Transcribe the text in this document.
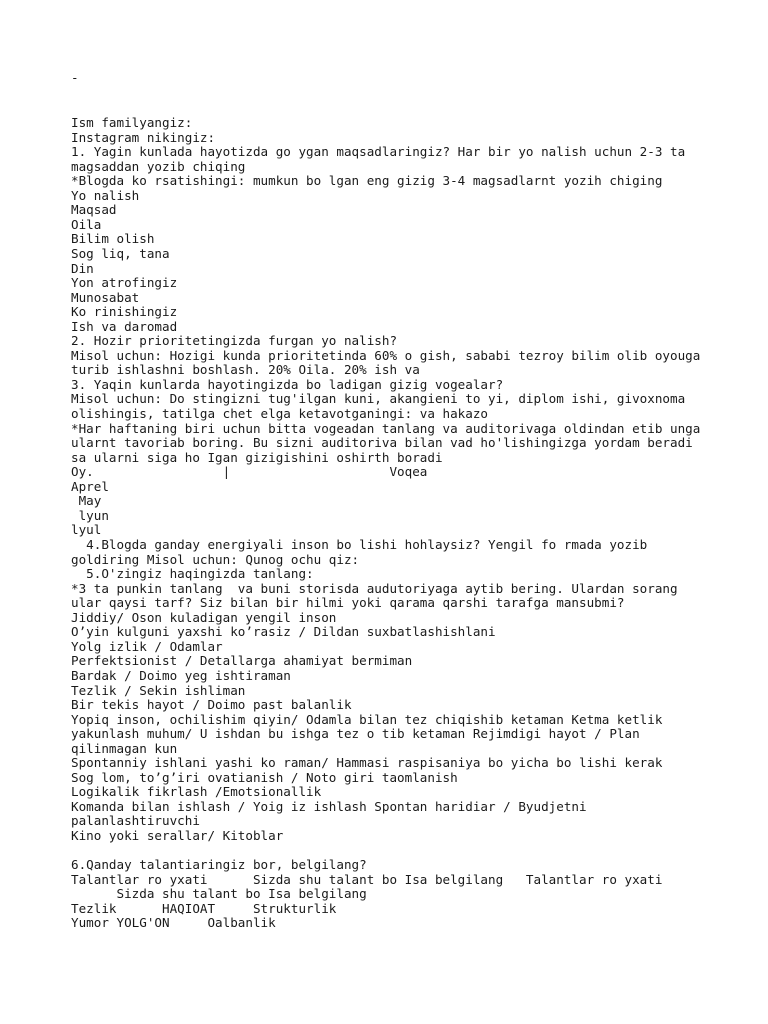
-
Ism familyangiz:
Instagram nikingiz:
1. Yagin kunlada hayotizda go ygan maqsadlaringiz? Har bir yo nalish uchun 2-3 ta
magsaddan yozib chiqing
*Blogda ko rsatishingi: mumkun bo lgan eng gizig 3-4 magsadlarnt yozih chiging
Yo nalish
Maqsad
Oila
Bilim olish
Sog liq, tana
Din
Yon atrofingiz
Munosabat
Ko rinishingiz
Ish va daromad
2. Hozir prioritetingizda furgan yo nalish?
Misol uchun: Hozigi kunda prioritetinda 60% o gish, sababi tezroy bilim olib oyouga
turib ishlashni boshlash. 20% Oila. 20% ish va
3. Yaqin kunlarda hayotingizda bo ladigan gizig vogealar?
Misol uchun: Do stingizni tug'ilgan kuni, akangieni to yi, diplom ishi, givoxnoma
olishingis, tatilga chet elga ketavotganingi: va hakazo
*Har haftaning biri uchun bitta vogeadan tanlang va auditorivaga oldindan etib unga
ularnt tavoriab boring. Bu sizni auditoriva bilan vad ho'lishingizga yordam beradi
sa ularni siga ho Igan gizigishini oshirth boradi
Oy.                 |                     Voqea
Aprel
May
lyun
lyul
4.Blogda ganday energiyali inson bo lishi hohlaysiz? Yengil fo rmada yozib
goldiring Misol uchun: Qunog ochu qiz:
5.O'zingiz haqingizda tanlang:
*3 ta punkin tanlang  va buni storisda audutoriyaga aytib bering. Ulardan sorang
ular qaysi tarf? Siz bilan bir hilmi yoki qarama qarshi tarafga mansubmi?
Jiddiy/ Oson kuladigan yengil inson
O’yin kulguni yaxshi ko’rasiz / Dildan suxbatlashishlani
Yolg izlik / Odamlar
Perfektsionist / Detallarga ahamiyat bermiman
Bardak / Doimo yeg ishtiraman
Tezlik / Sekin ishliman
Bir tekis hayot / Doimo past balanlik
Yopiq inson, ochilishim qiyin/ Odamla bilan tez chiqishib ketaman Ketma ketlik
yakunlash muhum/ U ishdan bu ishga tez o tib ketaman Rejimdigi hayot / Plan
qilinmagan kun
Spontanniy ishlani yashi ko raman/ Hammasi raspisaniya bo yicha bo lishi kerak
Sog lom, to’g’iri ovatianish / Noto giri taomlanish
Logikalik fikrlash /Emotsionallik
Komanda bilan ishlash / Yoig iz ishlash Spontan haridiar / Byudjetni
palanlashtiruvchi
Kino yoki serallar/ Kitoblar
6.Qanday talantiaringiz bor, belgilang?
Talantlar ro yxati      Sizda shu talant bo Isa belgilang   Talantlar ro yxati
Sizda shu talant bo Isa belgilang
Tezlik      HAQIOAT     Strukturlik
Yumor YOLG'ON     Oalbanlik
